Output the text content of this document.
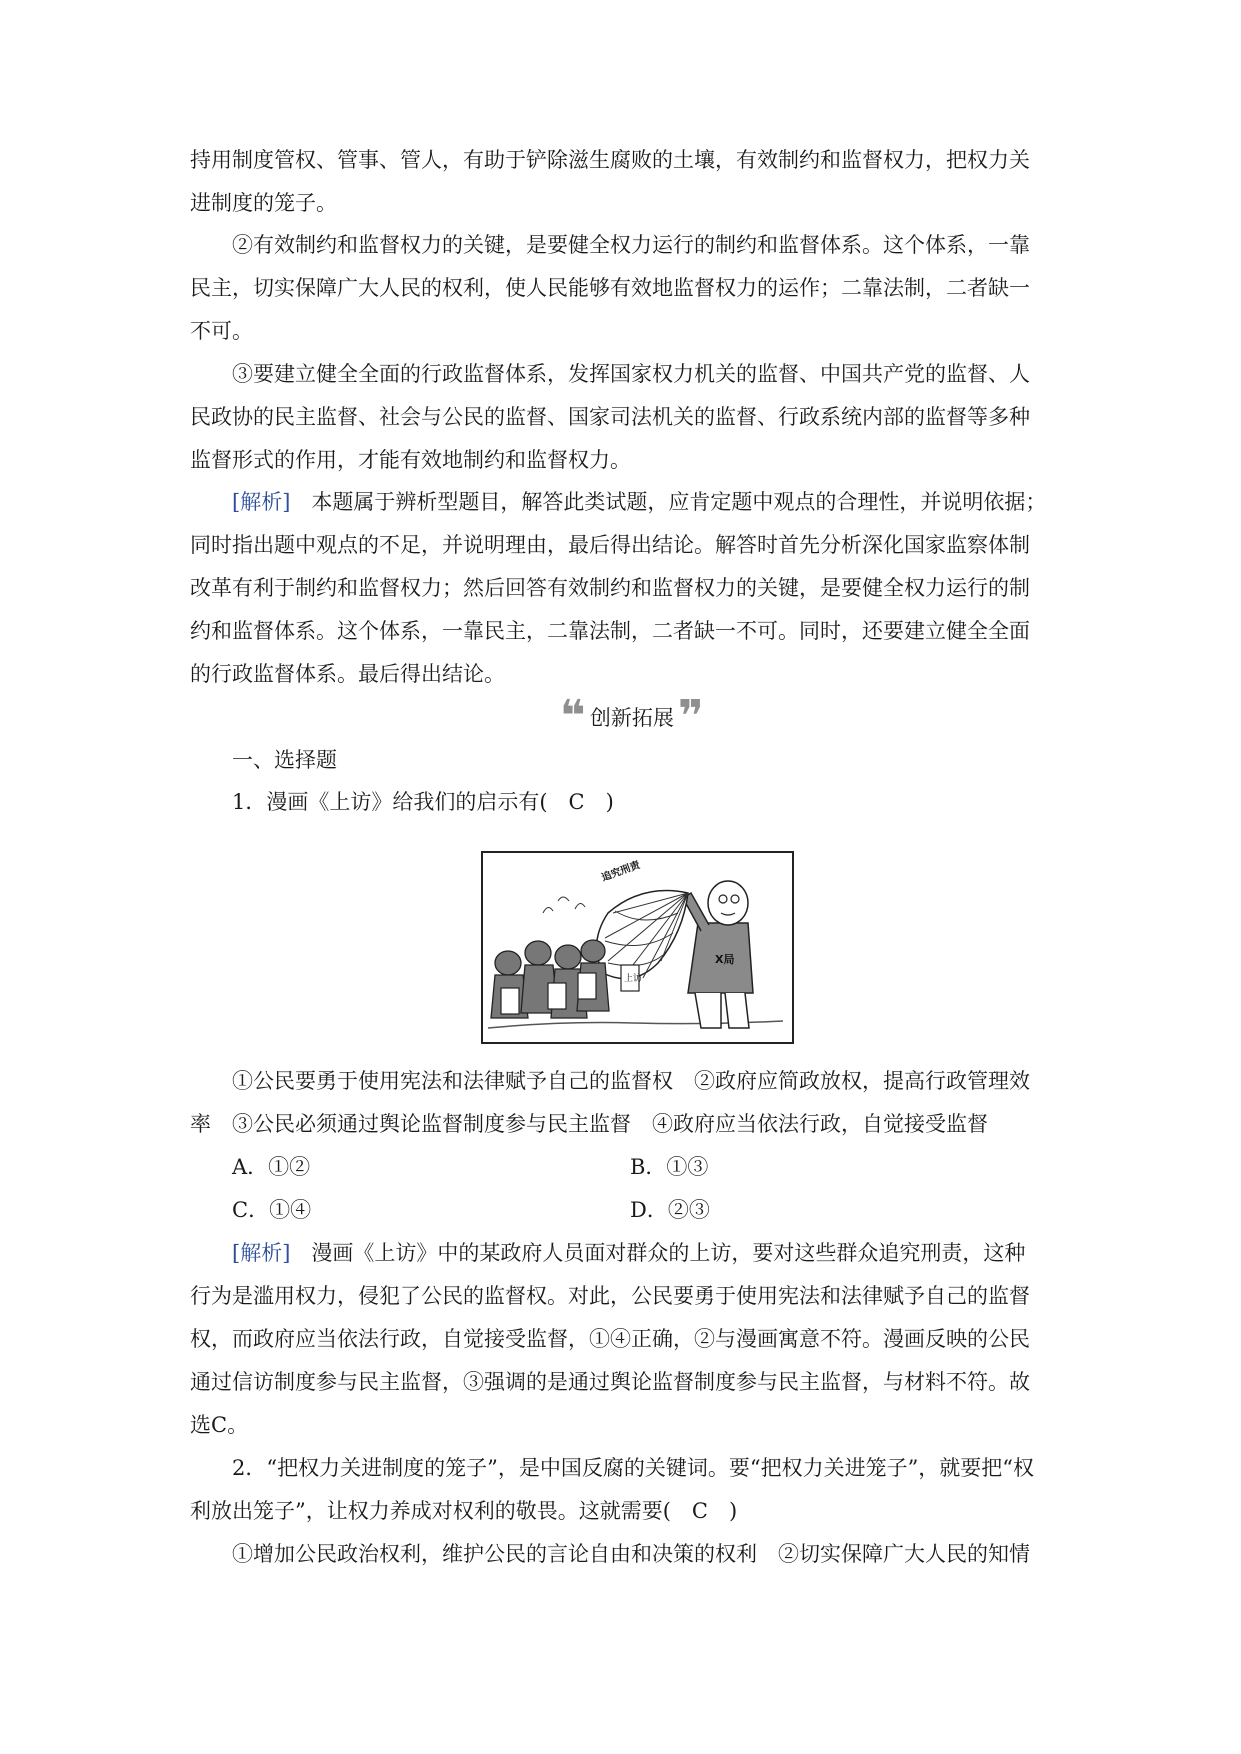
持用制度管权、管事、管人，有助于铲除滋生腐败的土壤，有效制约和监督权力，把权力关
进制度的笼子。
②有效制约和监督权力的关键，是要健全权力运行的制约和监督体系。这个体系，一靠
民主，切实保障广大人民的权利，使人民能够有效地监督权力的运作；二靠法制，二者缺一
不可。
③要建立健全全面的行政监督体系，发挥国家权力机关的监督、中国共产党的监督、人
民政协的民主监督、社会与公民的监督、国家司法机关的监督、行政系统内部的监督等多种
监督形式的作用，才能有效地制约和监督权力。
[解析]　本题属于辨析型题目，解答此类试题，应肯定题中观点的合理性，并说明依据；
同时指出题中观点的不足，并说明理由，最后得出结论。解答时首先分析深化国家监察体制
改革有利于制约和监督权力；然后回答有效制约和监督权力的关键，是要健全权力运行的制
约和监督体系。这个体系，一靠民主，二靠法制，二者缺一不可。同时，还要建立健全全面
的行政监督体系。最后得出结论。
❝ 创新拓展 ❞
一、选择题
1．漫画《上访》给我们的启示有(　C　)
X局
追究刑责
上访
①公民要勇于使用宪法和法律赋予自己的监督权　②政府应简政放权，提高行政管理效
率　③公民必须通过舆论监督制度参与民主监督　④政府应当依法行政，自觉接受监督
A．①②	B．①③
C．①④	D．②③
[解析]　漫画《上访》中的某政府人员面对群众的上访，要对这些群众追究刑责，这种
行为是滥用权力，侵犯了公民的监督权。对此，公民要勇于使用宪法和法律赋予自己的监督
权，而政府应当依法行政，自觉接受监督，①④正确，②与漫画寓意不符。漫画反映的公民
通过信访制度参与民主监督，③强调的是通过舆论监督制度参与民主监督，与材料不符。故
选C。
2．“把权力关进制度的笼子”，是中国反腐的关键词。要“把权力关进笼子”，就要把“权
利放出笼子”，让权力养成对权利的敬畏。这就需要(　C　)
①增加公民政治权利，维护公民的言论自由和决策的权利　②切实保障广大人民的知情
